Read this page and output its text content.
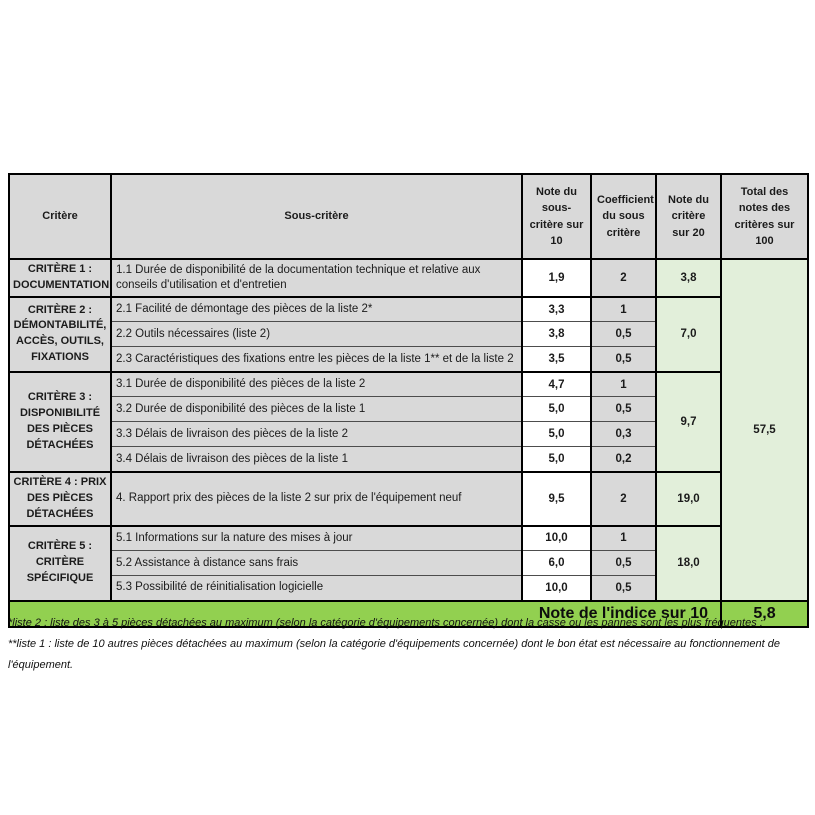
Critère	Sous-critère	Note du sous-critère sur 10	Coefficient du sous critère	Note du critère sur 20	Total des notes des critères sur 100
CRITÈRE 1 : DOCUMENTATION	1.1 Durée de disponibilité de la documentation technique et relative aux conseils d'utilisation et d'entretien	1,9	2	3,8	57,5
CRITÈRE 2 : DÉMONTABILITÉ, ACCÈS, OUTILS, FIXATIONS	2.1 Facilité de démontage des pièces de la liste 2*	3,3	1	7,0	
	2.2 Outils nécessaires (liste 2)	3,8	0,5		
	2.3 Caractéristiques des fixations entre les pièces de la liste 1** et de la liste 2	3,5	0,5		
CRITÈRE 3 : DISPONIBILITÉ DES PIÈCES DÉTACHÉES	3.1 Durée de disponibilité des pièces de la liste 2	4,7	1	9,7	
	3.2 Durée de disponibilité des pièces de la liste 1	5,0	0,5		
	3.3 Délais de livraison des pièces de la liste 2	5,0	0,3		
	3.4 Délais de livraison des pièces de la liste 1	5,0	0,2		
CRITÈRE 4 : PRIX DES PIÈCES DÉTACHÉES	4. Rapport prix des pièces de la liste 2 sur prix de l'équipement neuf	9,5	2	19,0	
CRITÈRE 5 : CRITÈRE SPÉCIFIQUE	5.1 Informations sur la nature des mises à jour	10,0	1	18,0	
	5.2 Assistance à distance sans frais	6,0	0,5		
	5.3 Possibilité de réinitialisation logicielle	10,0	0,5		
Note de l'indice sur 10					5,8
*liste 2 : liste des 3 à 5 pièces détachées au maximum (selon la catégorie d'équipements concernée) dont la casse ou les pannes sont les plus fréquentes ;
**liste 1 : liste de 10 autres pièces détachées au maximum (selon la catégorie d'équipements concernée) dont le bon état est nécessaire au fonctionnement de l'équipement.
